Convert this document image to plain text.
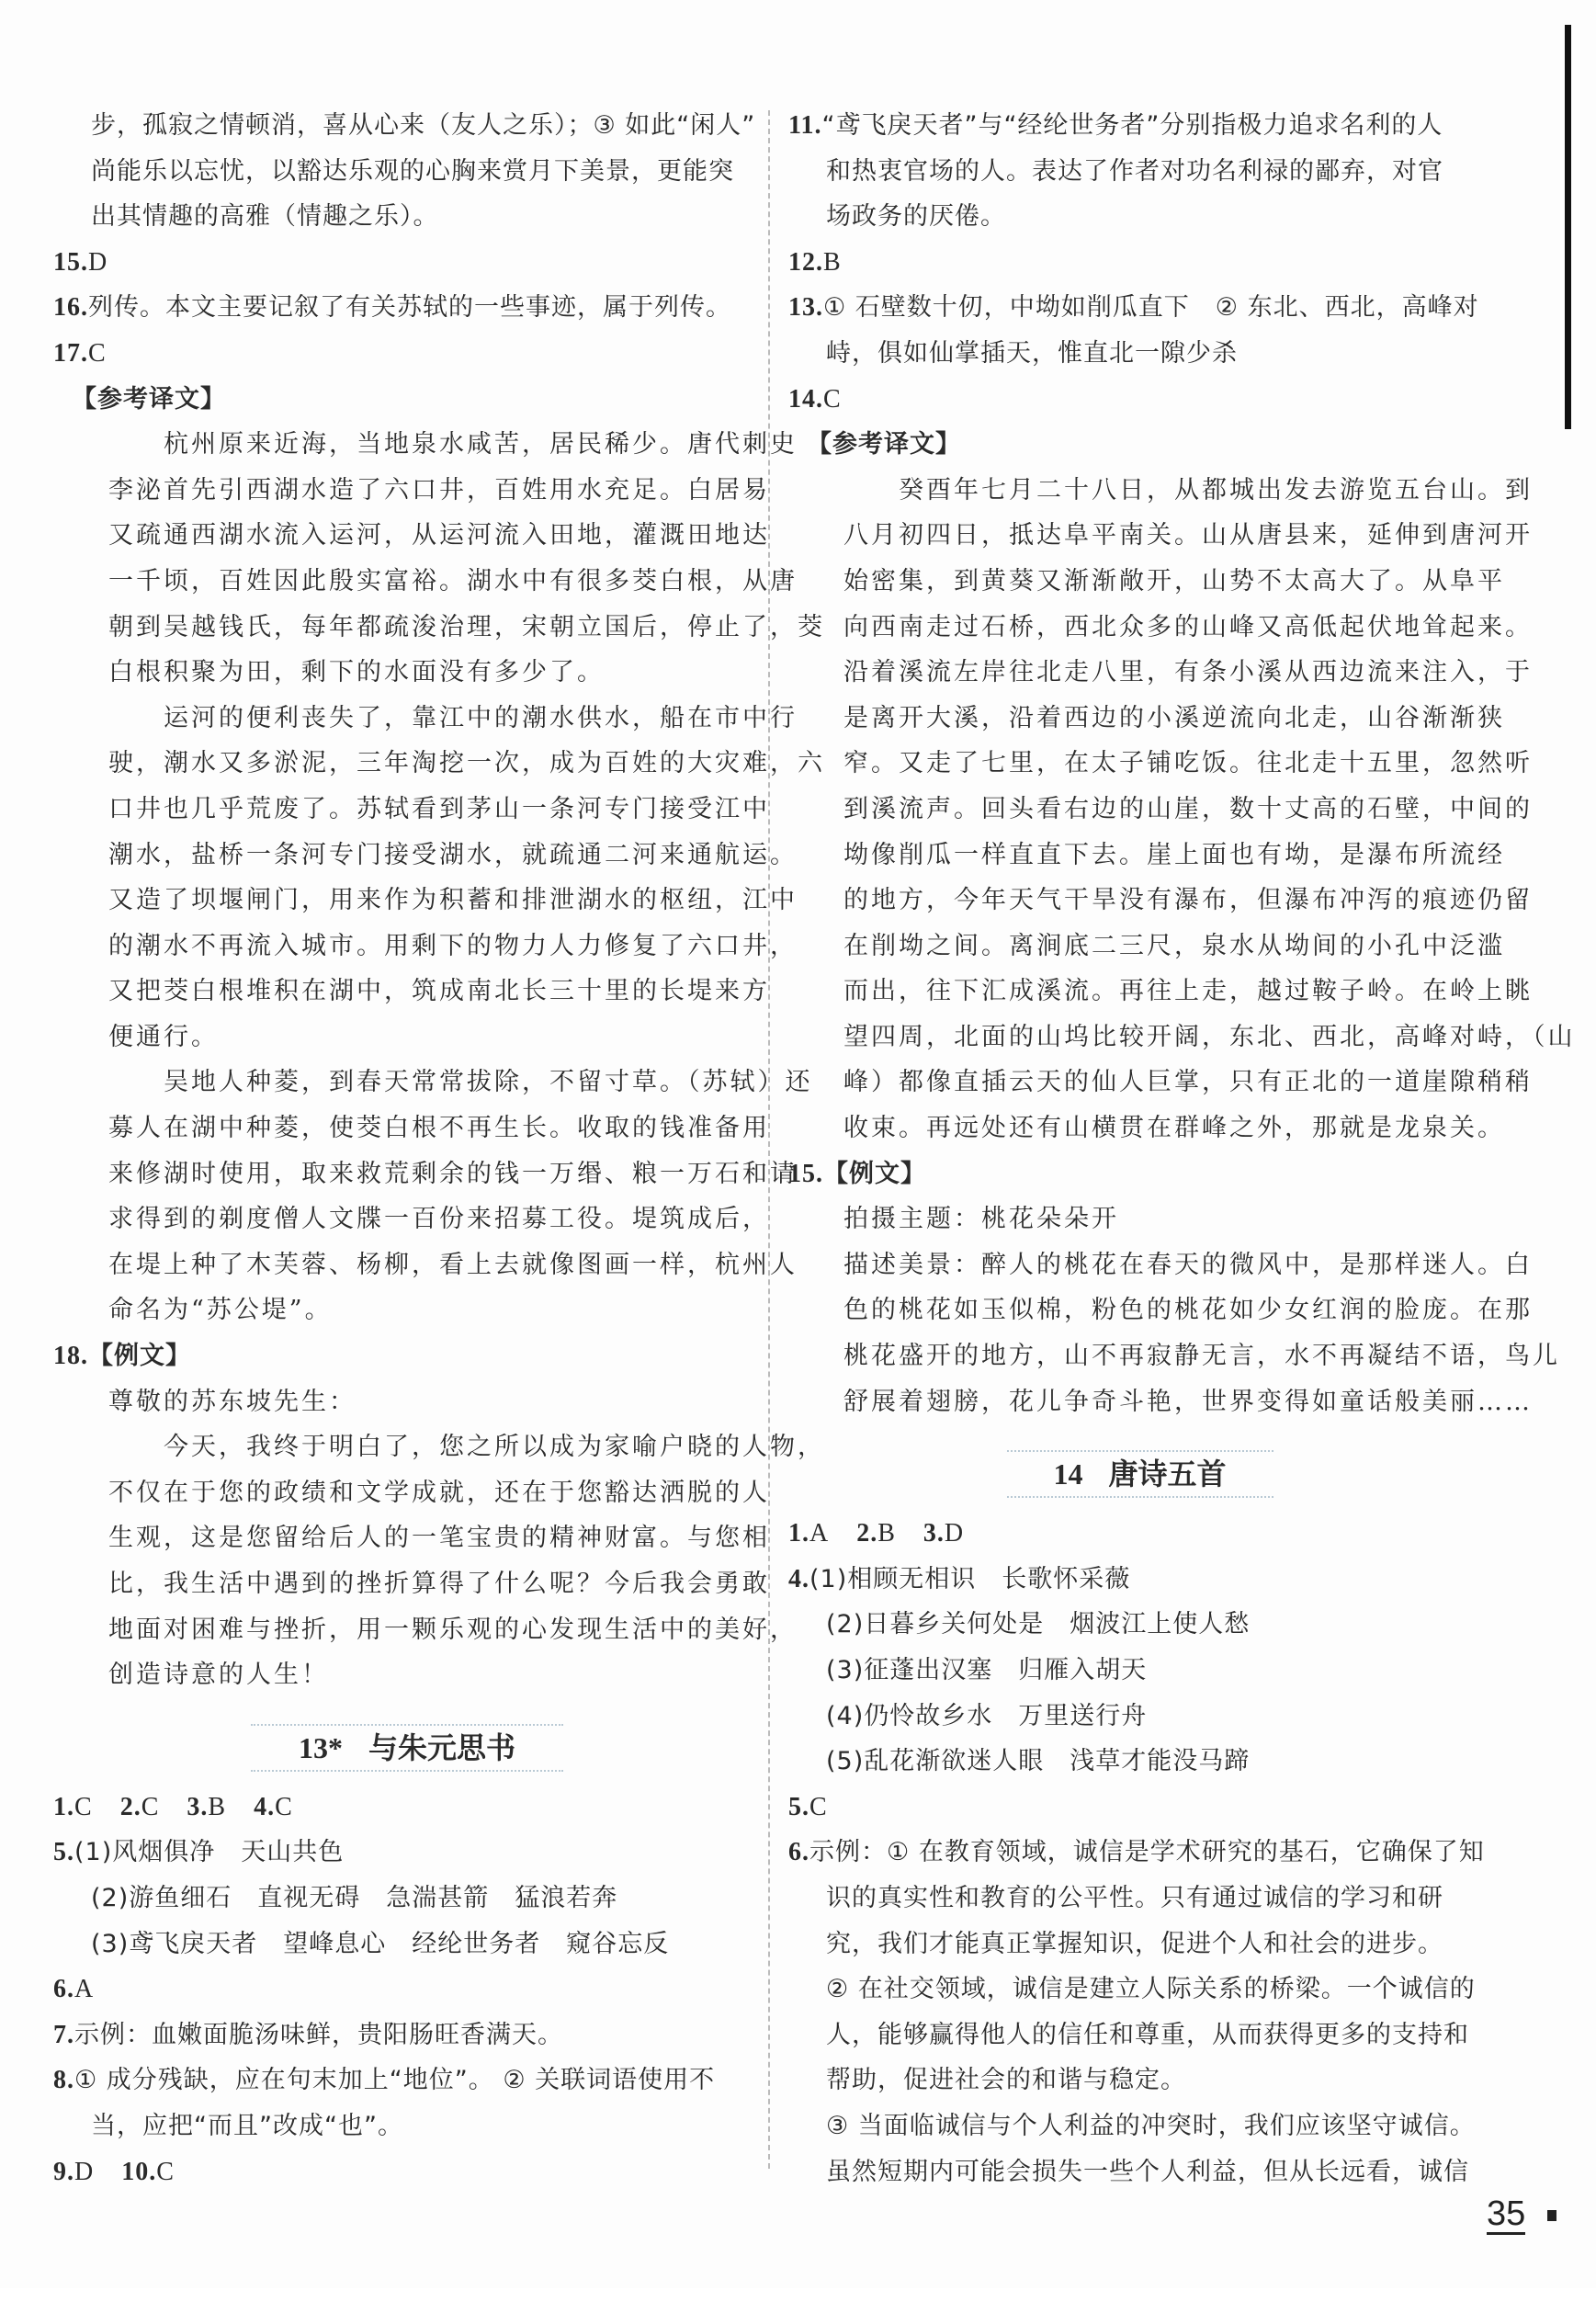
步，孤寂之情顿消，喜从心来（友人之乐）；③ 如此“闲人”
尚能乐以忘忧，以豁达乐观的心胸来赏月下美景，更能突
出其情趣的高雅（情趣之乐）。
15.D
16.列传。本文主要记叙了有关苏轼的一些事迹，属于列传。
17.C
【参考译文】
杭州原来近海，当地泉水咸苦，居民稀少。唐代刺史
李泌首先引西湖水造了六口井，百姓用水充足。白居易
又疏通西湖水流入运河，从运河流入田地，灌溉田地达
一千顷，百姓因此殷实富裕。湖水中有很多茭白根，从唐
朝到吴越钱氏，每年都疏浚治理，宋朝立国后，停止了，茭
白根积聚为田，剩下的水面没有多少了。
运河的便利丧失了，靠江中的潮水供水，船在市中行
驶，潮水又多淤泥，三年淘挖一次，成为百姓的大灾难，六
口井也几乎荒废了。苏轼看到茅山一条河专门接受江中
潮水，盐桥一条河专门接受湖水，就疏通二河来通航运。
又造了坝堰闸门，用来作为积蓄和排泄湖水的枢纽，江中
的潮水不再流入城市。用剩下的物力人力修复了六口井，
又把茭白根堆积在湖中，筑成南北长三十里的长堤来方
便通行。
吴地人种菱，到春天常常拔除，不留寸草。（苏轼）还
募人在湖中种菱，使茭白根不再生长。收取的钱准备用
来修湖时使用，取来救荒剩余的钱一万缗、粮一万石和请
求得到的剃度僧人文牒一百份来招募工役。堤筑成后，
在堤上种了木芙蓉、杨柳，看上去就像图画一样，杭州人
命名为“苏公堤”。
18.【例文】
尊敬的苏东坡先生：
今天，我终于明白了，您之所以成为家喻户晓的人物，
不仅在于您的政绩和文学成就，还在于您豁达洒脱的人
生观，这是您留给后人的一笔宝贵的精神财富。与您相
比，我生活中遇到的挫折算得了什么呢？今后我会勇敢
地面对困难与挫折，用一颗乐观的心发现生活中的美好，
创造诗意的人生！
13* 与朱元思书
1.C 2.C 3.B 4.C
5.(1)风烟俱净　天山共色
(2)游鱼细石　直视无碍　急湍甚箭　猛浪若奔
(3)鸢飞戾天者　望峰息心　经纶世务者　窥谷忘反
6.A
7.示例：血嫩面脆汤味鲜，贵阳肠旺香满天。
8.① 成分残缺，应在句末加上“地位”。 ② 关联词语使用不
当，应把“而且”改成“也”。
9.D 10.C
11.“鸢飞戾天者”与“经纶世务者”分别指极力追求名利的人
和热衷官场的人。表达了作者对功名利禄的鄙弃，对官
场政务的厌倦。
12.B
13.① 石壁数十仞，中坳如削瓜直下　② 东北、西北，高峰对
峙，俱如仙掌插天，惟直北一隙少杀
14.C
【参考译文】
癸酉年七月二十八日，从都城出发去游览五台山。到
八月初四日，抵达阜平南关。山从唐县来，延伸到唐河开
始密集，到黄葵又渐渐敞开，山势不太高大了。从阜平
向西南走过石桥，西北众多的山峰又高低起伏地耸起来。
沿着溪流左岸往北走八里，有条小溪从西边流来注入，于
是离开大溪，沿着西边的小溪逆流向北走，山谷渐渐狭
窄。又走了七里，在太子铺吃饭。往北走十五里，忽然听
到溪流声。回头看右边的山崖，数十丈高的石壁，中间的
坳像削瓜一样直直下去。崖上面也有坳，是瀑布所流经
的地方，今年天气干旱没有瀑布，但瀑布冲泻的痕迹仍留
在削坳之间。离涧底二三尺，泉水从坳间的小孔中泛滥
而出，往下汇成溪流。再往上走，越过鞍子岭。在岭上眺
望四周，北面的山坞比较开阔，东北、西北，高峰对峙，（山
峰）都像直插云天的仙人巨掌，只有正北的一道崖隙稍稍
收束。再远处还有山横贯在群峰之外，那就是龙泉关。
15.【例文】
拍摄主题：桃花朵朵开
描述美景：醉人的桃花在春天的微风中，是那样迷人。白
色的桃花如玉似棉，粉色的桃花如少女红润的脸庞。在那
桃花盛开的地方，山不再寂静无言，水不再凝结不语，鸟儿
舒展着翅膀，花儿争奇斗艳，世界变得如童话般美丽……
14 唐诗五首
1.A 2.B 3.D
4.(1)相顾无相识　长歌怀采薇
(2)日暮乡关何处是　烟波江上使人愁
(3)征蓬出汉塞　归雁入胡天
(4)仍怜故乡水　万里送行舟
(5)乱花渐欲迷人眼　浅草才能没马蹄
5.C
6.示例：① 在教育领域，诚信是学术研究的基石，它确保了知
识的真实性和教育的公平性。只有通过诚信的学习和研
究，我们才能真正掌握知识，促进个人和社会的进步。
② 在社交领域，诚信是建立人际关系的桥梁。一个诚信的
人，能够赢得他人的信任和尊重，从而获得更多的支持和
帮助，促进社会的和谐与稳定。
③ 当面临诚信与个人利益的冲突时，我们应该坚守诚信。
虽然短期内可能会损失一些个人利益，但从长远看，诚信
35
